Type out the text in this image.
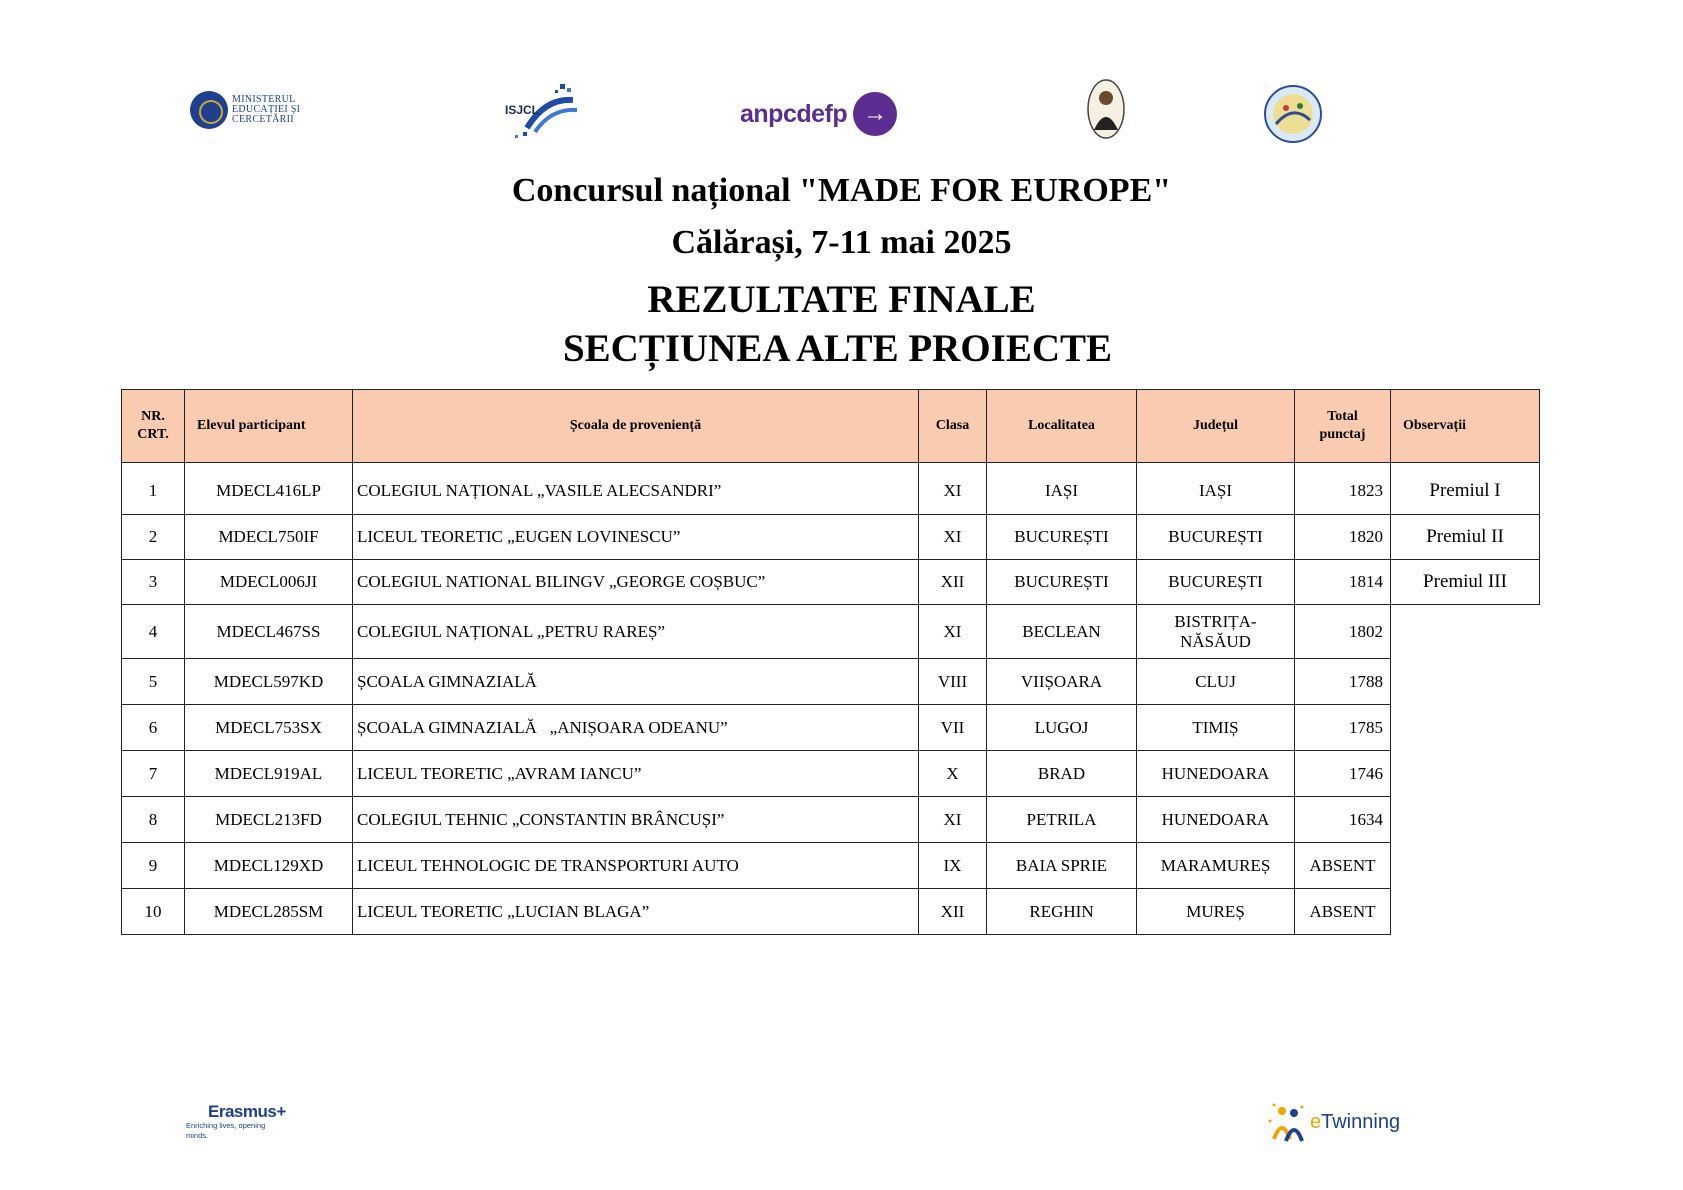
MINISTERUL
EDUCAȚIEI ȘI
CERCETĂRII
ISJCL	anpcdefp →
Concursul național "MADE FOR EUROPE"
Călărași, 7-11 mai 2025
REZULTATE FINALE
SECȚIUNEA ALTE PROIECTE
NR. CRT.	Elevul participant	Școala de proveniență	Clasa	Localitatea	Județul	Total punctaj	Observații

1	MDECL416LP	COLEGIUL NAȚIONAL „VASILE ALECSANDRI”	XI	IAȘI	IAȘI	1823	Premiul I
2	MDECL750IF	LICEUL TEORETIC „EUGEN LOVINESCU”	XI	BUCUREȘTI	BUCUREȘTI	1820	Premiul II
3	MDECL006JI	COLEGIUL NATIONAL BILINGV „GEORGE COȘBUC”	XII	BUCUREȘTI	BUCUREȘTI	1814	Premiul III
4	MDECL467SS	COLEGIUL NAȚIONAL „PETRU RAREȘ”	XI	BECLEAN	BISTRIȚA-
NĂSĂUD	1802	
5	MDECL597KD	ȘCOALA GIMNAZIALĂ	VIII	VIIȘOARA	CLUJ	1788	
6	MDECL753SX	ȘCOALA GIMNAZIALĂ   „ANIȘOARA ODEANU”	VII	LUGOJ	TIMIȘ	1785	
7	MDECL919AL	LICEUL TEORETIC „AVRAM IANCU”	X	BRAD	HUNEDOARA	1746	
8	MDECL213FD	COLEGIUL TEHNIC „CONSTANTIN BRÂNCUȘI”	XI	PETRILA	HUNEDOARA	1634	
9	MDECL129XD	LICEUL TEHNOLOGIC DE TRANSPORTURI AUTO	IX	BAIA SPRIE	MARAMUREȘ	ABSENT	
10	MDECL285SM	LICEUL TEORETIC „LUCIAN BLAGA”	XII	REGHIN	MUREȘ	ABSENT	
Erasmus+
Enriching lives, opening minds.
eTwinning
